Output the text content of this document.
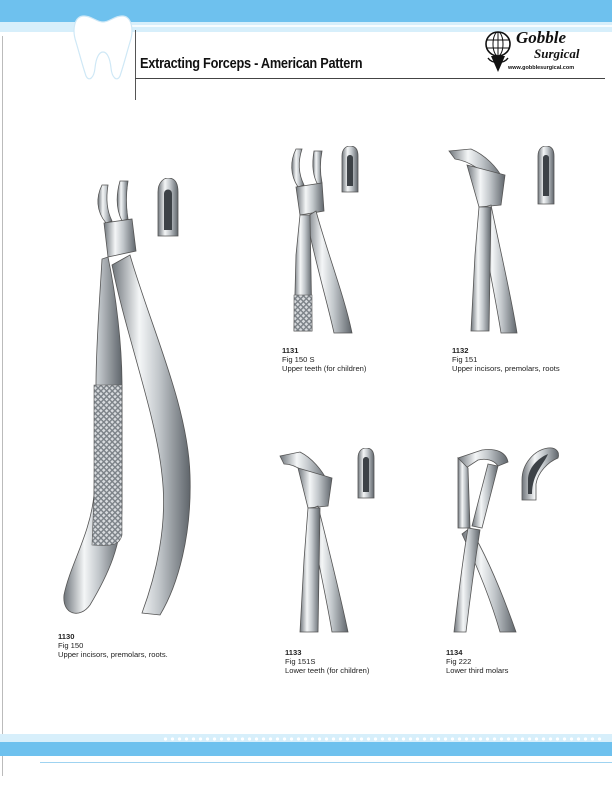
Extracting Forceps - American Pattern
Gobble
Surgical
www.gobblesurgical.com
1130
Fig 150
Upper incisors, premolars, roots.
1131
Fig 150 S
Upper teeth (for children)
1132
Fig 151
Upper incisors, premolars, roots
1133
Fig 151S
Lower teeth (for children)
1134
Fig 222
Lower third molars
